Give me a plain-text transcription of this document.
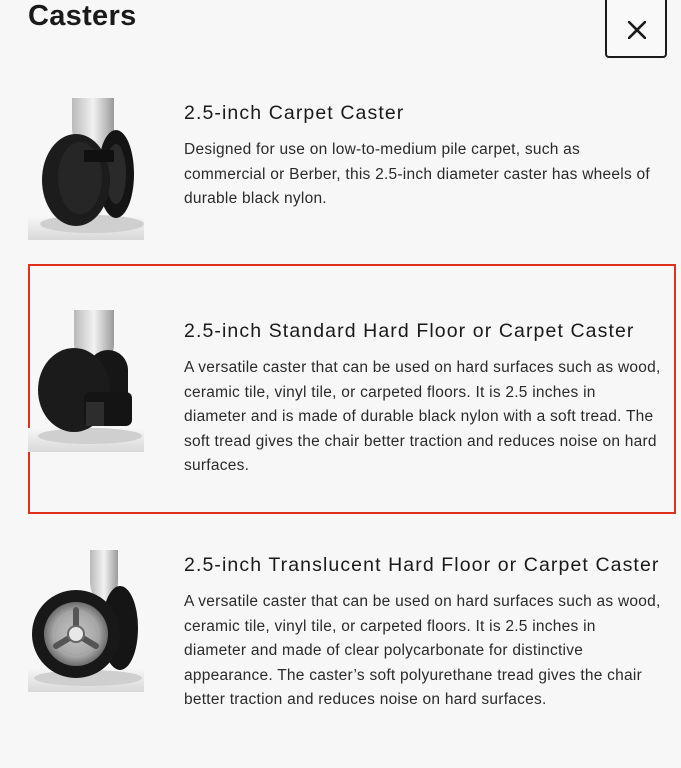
Casters
2.5-inch Carpet Caster

Designed for use on low-to-medium pile carpet, such as commercial or Berber, this 2.5-inch diameter caster has wheels of durable black nylon.

2.5-inch Standard Hard Floor or Carpet Caster

A versatile caster that can be used on hard surfaces such as wood, ceramic tile, vinyl tile, or carpeted floors. It is 2.5 inches in diameter and is made of durable black nylon with a soft tread. The soft tread gives the chair better traction and reduces noise on hard surfaces.

2.5-inch Translucent Hard Floor or Carpet Caster

A versatile caster that can be used on hard surfaces such as wood, ceramic tile, vinyl tile, or carpeted floors. It is 2.5 inches in diameter and made of clear polycarbonate for distinctive appearance. The caster’s soft polyurethane tread gives the chair better traction and reduces noise on hard surfaces.
